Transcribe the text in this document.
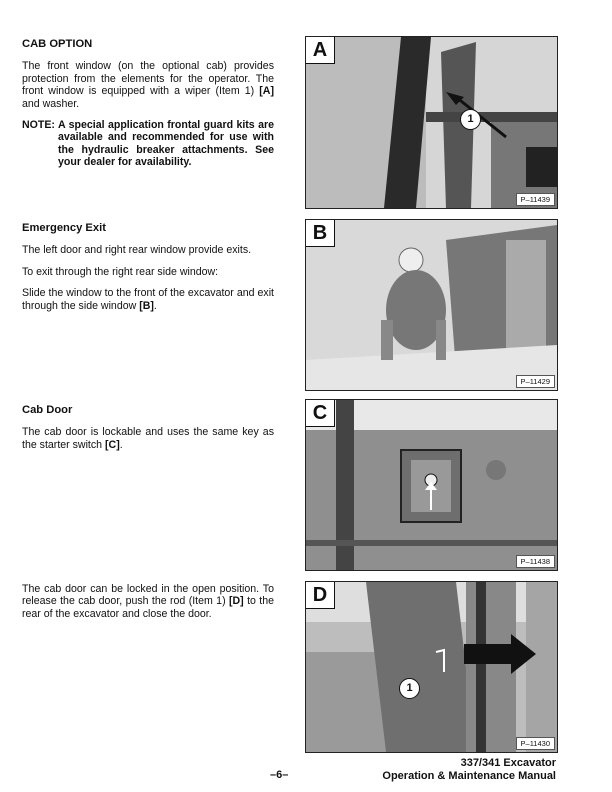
CAB OPTION

The front window (on the optional cab) provides protection from the elements for the operator. The front window is equipped with a wiper (Item 1) [A] and washer.

NOTE: A special application frontal guard kits are available and recommended for use with the hydraulic breaker attachments. See your dealer for availability.
Emergency Exit

The left door and right rear window provide exits.

To exit through the right rear side window:

Slide the window to the front of the excavator and exit through the side window [B].

Cab Door

The cab door is lockable and uses the same key as the starter switch [C].

The cab door can be locked in the open position. To release the cab door, push the rod (Item 1) [D] to the rear of the excavator and close the door.

A
1
P–11439
B
P–11429
C
P–11438
D
1
P–11430
–6–
337/341 Excavator
Operation & Maintenance Manual
